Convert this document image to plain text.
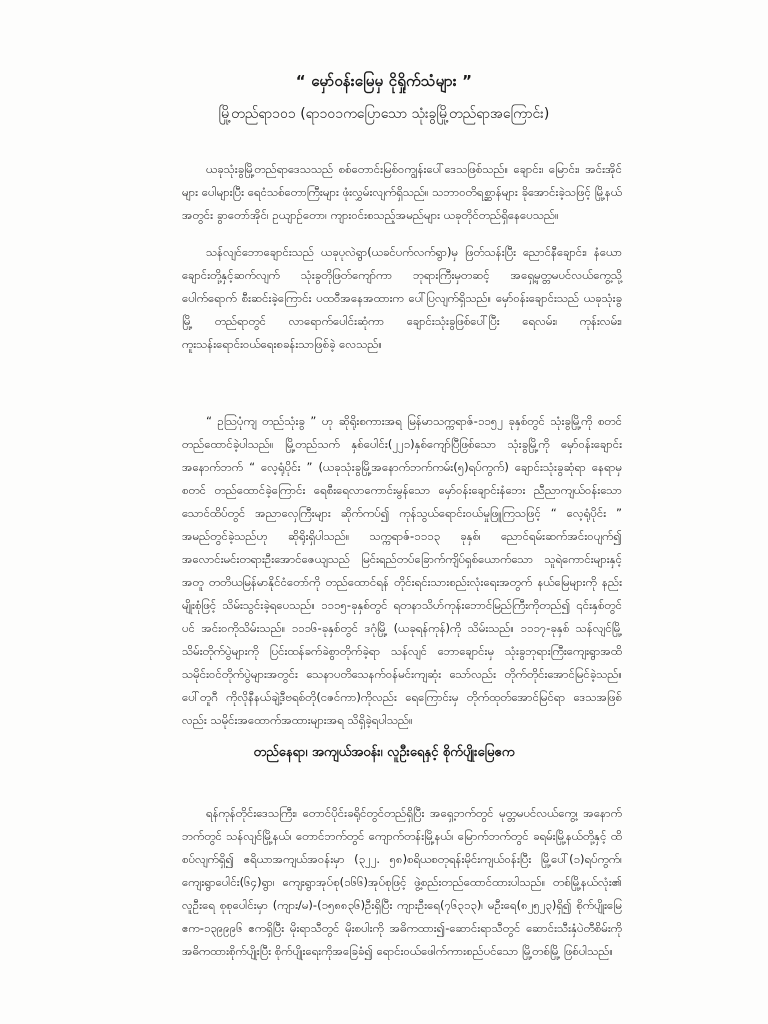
“ မှော်ဝန်းမြေမှ ငိုရှိုက်သံများ ”
မြို့တည်ရာ၁၀၁ (ရာ၁၀၁ကပြောသော သုံးခွမြို့တည်ရာအကြောင်း)

ယခုသုံးခွမြို့တည်ရာဒေသသည် စစ်တောင်းမြစ်ဝကျွန်းပေါ်ဒေသဖြစ်သည်။ ချောင်း၊ မြောင်း၊ အင်းအိုင်များ ပေါများပြီး ရေငံသစ်တောကြီးများ ဖုံးလွှမ်းလျက်ရှိသည်။ သဘာဝတိရစ္ဆာန်များ ခိုအောင်းခဲ့သဖြင့် မြို့နယ်အတွင်း ခွာတော်အိုင်၊ ဥယျာဉ်တော၊ ကျားဝင်းစသည့်အမည်များ ယခုတိုင်တည်ရှိနေပေသည်။

သန်လျင်ဘောချောင်းသည် ယခုပုလဲရွာ(ယခင်ပက်လက်ရွာ)မှ ဖြတ်သန်းပြီး ညောင်နီချောင်း၊ နံယော ချောင်းတို့နှင့်ဆက်လျက် သုံးခွတိုဖြတ်ကျော်ကာ ဘုရားကြီးမှတဆင့် အရှေ့မှတ္တမပင်လယ်ကွေ့သို့ ပေါက်ရောက် စီးဆင်းခဲ့ကြောင်း ပထဝီအနေအထားက ပေါ်ပြလျက်ရှိသည်။ မှော်ဝန်းချောင်းသည် ယခုသုံးခွမြို့ တည်ရာတွင် လာရောက်ပေါင်းဆုံကာ ချောင်းသုံးခွဖြစ်ပေါ်ပြီး ရေလမ်း၊ ကုန်းလမ်း၊ ကူးသန်းရောင်းဝယ်ရေးစခန်းသာဖြစ်ခဲ့ လေသည်။

“ ဥသြပုံကျ တည်သုံးခွ ” ဟု ဆိုရိုးစကားအရ မြန်မာသက္ကရာဇ်-၁၁၅၂ ခုနှစ်တွင် သုံးခွမြို့ကို စတင် တည်ထောင်ခဲ့ပါသည်။ မြို့တည်သက် နှစ်ပေါင်း(၂၂၁)နှစ်ကျော်ပြီဖြစ်သော သုံးခွမြို့ကို မှော်ဝန်းချောင်း အနောက်ဘက် “ လေ့ရုံပိုင်း ” (ယခုသုံးခွမြို့အနောက်ဘက်ကမ်း(၅)ရပ်ကွက်) ချောင်းသုံးခွဆုံရာ နေရာမှ စတင် တည်ထောင်ခဲ့ကြောင်း ရေစီးရေလာကောင်းမွန်သော မှော်ဝန်းချောင်းနံဘေး ညီညာကျယ်ဝန်းသော သောင်ထိပ်တွင် အညာလှေကြီးများ ဆိုက်ကပ်၍ ကုန်သွယ်ရောင်းဝယ်မှုဖြူကြသဖြင့် “ လေ့ရုံပိုင်း ” အမည်တွင်ခဲ့သည်ဟု ဆိုရိုးရှိပါသည်။ သက္ကရာဇ်-၁၁၁၃ ခုနှစ်၊ ညောင်ရမ်းဆက်အင်း၀ပျက်၍ အလောင်းမင်းတရားဦးအောင်ဇေယျသည် မြင်းရည်တပ်ခြောက်ကျိပ်ရှစ်ယောက်သော သူရဲကောင်းများနှင့်အတူ တတိယမြန်မာနိုင်ငံတော်ကို တည်ထောင်ရန် တိုင်းရင်းသားစည်းလုံးရေးအတွက် နယ်မြေများကို နည်းမျိုးစုံဖြင့် သိမ်းသွင်းခဲ့ရပေသည်။ ၁၁၁၅-ခုနှစ်တွင် ရတနာသိဟ်ကုန်းဘောင်မြည်ကြီးကိုတည်၍ ၎င်းနှစ်တွင်ပင် အင်းဝကိုသိမ်းသည်။ ၁၁၁၆-ခုနှစ်တွင် ဒဂုံမြို့ (ယခုရန်ကုန်)ကို သိမ်းသည်။ ၁၁၁၇-ခုနှစ် သန်လျင်မြို့သိမ်းတိုက်ပွဲများကို ပြင်းထန်ခက်ခဲစွာတိုက်ခဲ့ရာ သန်လျင် ဘောချောင်းမှ သုံးခွဘုရားကြီးကျေးရွာအထိ သမိုင်းဝင်တိုက်ပွဲများအတွင်း သေနာပတိသေနက်ဝန်မင်းကျဆုံး သော်လည်း တိုက်တိုင်းအောင်မြင်ခဲ့သည်။ ပေါ်တူဂီ ကိုလိုနီနယ်ချဲ့ဒီဗရစ်တို(ငဇင်ကာ)ကိုလည်း ရေကြောင်းမှ တိုက်ထုတ်အောင်မြင်ရာ ဒေသအဖြစ်လည်း သမိုင်းအထောက်အထားများအရ သိရှိခဲ့ရပါသည်။

တည်နေရာ၊ အကျယ်အဝန်း၊ လူဦးရေနှင့် စိုက်ပျိုးမြေဧက

ရန်ကုန်တိုင်းဒေသကြီး၊ တောင်ပိုင်းခရိုင်တွင်တည်ရှိပြီး အရှေ့ဘက်တွင် မုတ္တမပင်လယ်ကွေ့၊ အနောက် ဘက်တွင် သန်လျင်မြို့နယ်၊ တောင်ဘက်တွင် ကျောက်တန်းမြို့နယ်၊ မြောက်ဘက်တွင် ခရမ်းမြို့နယ်တို့နှင့် ထိစပ်လျက်ရှိ၍ ဧရိယာအကျယ်အဝန်းမှာ (၃၂၂. ၅၈)စရိယစတုရန်းမိုင်းကျယ်ဝန်းပြီး မြို့ပေါ်(၁)ရပ်ကွက်၊ ကျေးရွာပေါင်း(၆၄)ရွာ၊ ကျေးရွာအုပ်စု(၁၆၆)အုပ်စုဖြင့် ဖွဲ့စည်းတည်ထောင်ထားပါသည်။ တစ်မြို့နယ်လုံး၏ လူဦးရေ စုစုပေါင်းမှာ (ကျား/မ)-(၁၅၈၈၃၆)ဦးရှိပြီး ကျားဦးရေ(၇၆၃၁၃)၊ မဦးရေ(၈၂၅၂၃)ရှိ၍ စိုက်ပျိုးမြေဧက-၁၃၉၉၉၆ ဧကရှိပြီး မိုးရာသီတွင် မိုးစပါးကို အဓိကထား၍-ဆောင်းရာသီတွင် ဆောင်းသီးနှံပဲတီစိမ်းကို အဓိကထားစိုက်ပျိုးပြီး စိုက်ပျိုးရေးကိုအခြေခံ၍ ရောင်းဝယ်ဖေါက်ကားစည်ပင်သော မြို့တစ်မြို့ ဖြစ်ပါသည်။
